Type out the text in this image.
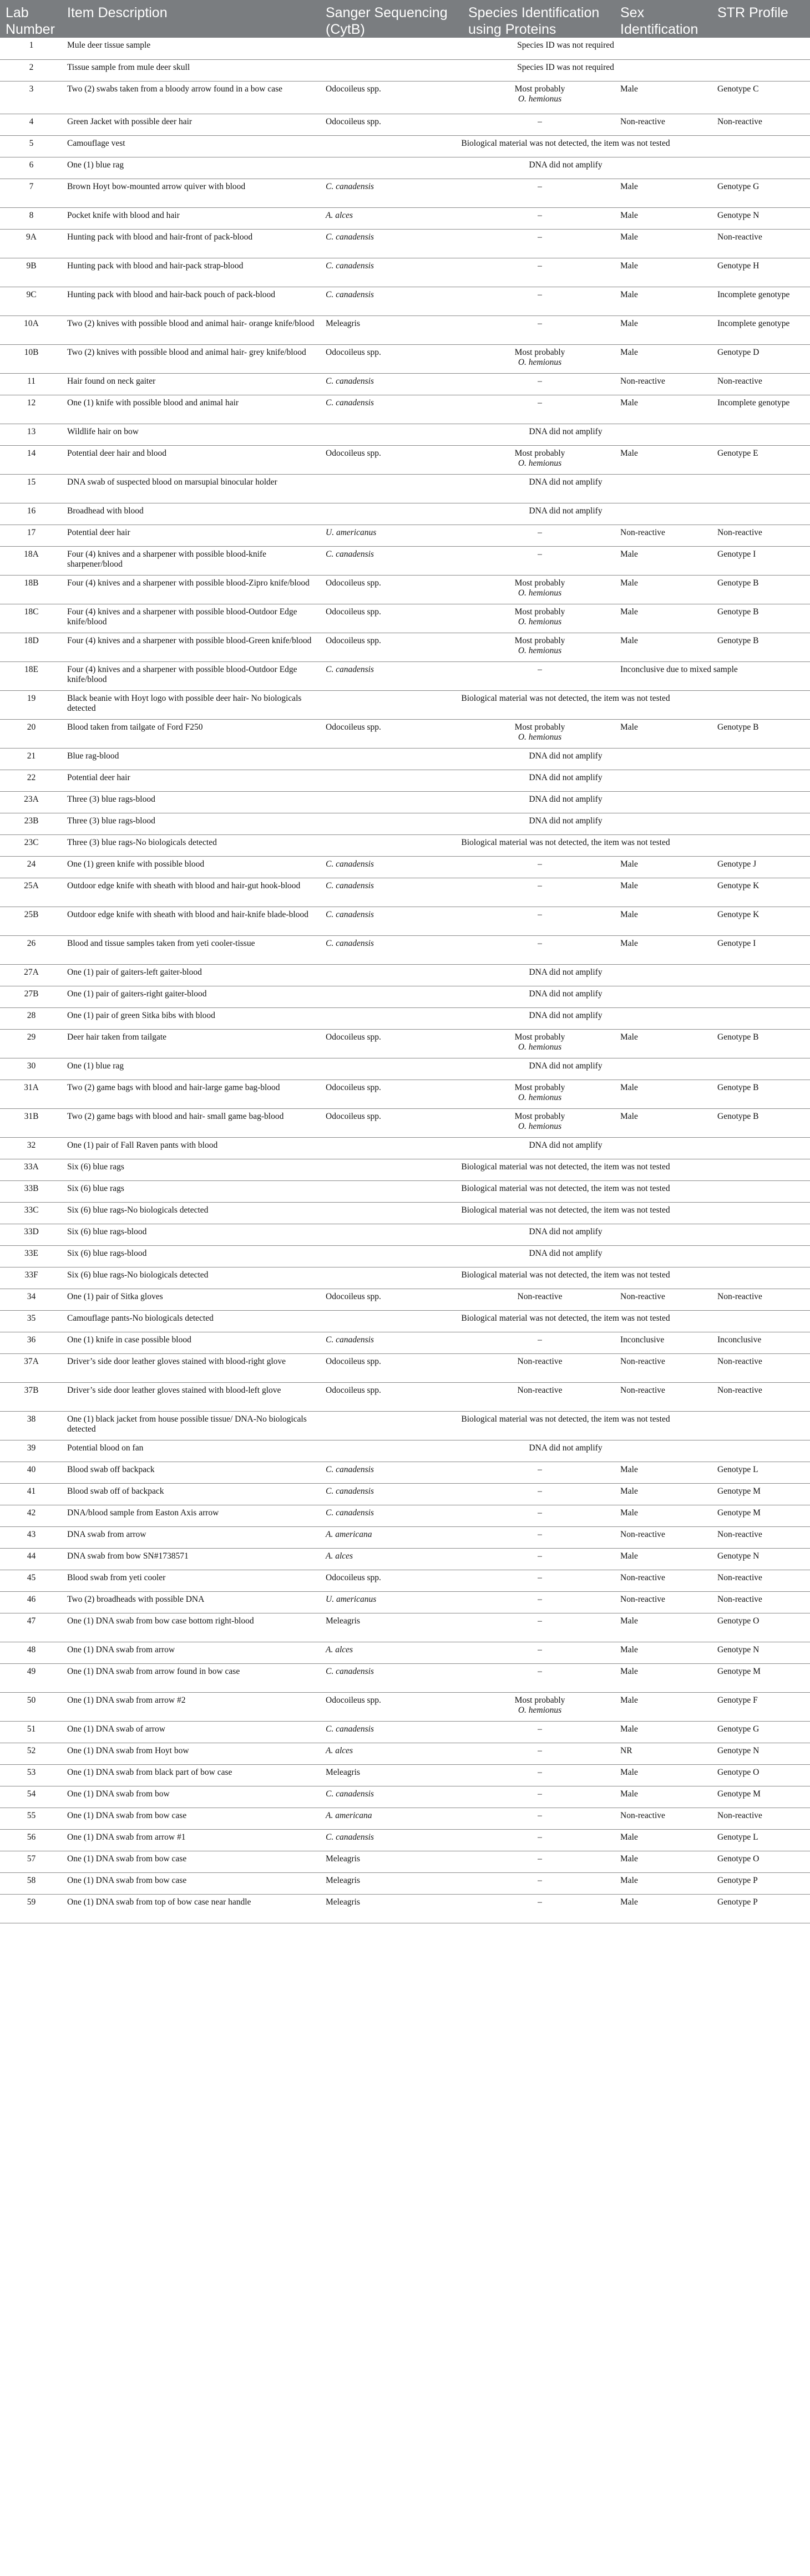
Lab Number	Item Description	Sanger Sequencing (CytB)	Species Identification using Proteins	Sex Identification	STR Profile
1	Mule deer tissue sample	Species ID was not required			
2	Tissue sample from mule deer skull	Species ID was not required			
3	Two (2) swabs taken from a bloody arrow found in a bow case	Odocoileus spp.	Most probably
O. hemionus	Male	Genotype C
4	Green Jacket with possible deer hair	Odocoileus spp.	–	Non-reactive	Non-reactive
5	Camouflage vest	Biological material was not detected, the item was not tested			
6	One (1) blue rag	DNA did not amplify			
7	Brown Hoyt bow-mounted arrow quiver with blood	C. canadensis	–	Male	Genotype G
8	Pocket knife with blood and hair	A. alces	–	Male	Genotype N
9A	Hunting pack with blood and hair-front of pack-blood	C. canadensis	–	Male	Non-reactive
9B	Hunting pack with blood and hair-pack strap-blood	C. canadensis	–	Male	Genotype H
9C	Hunting pack with blood and hair-back pouch of pack-blood	C. canadensis	–	Male	Incomplete genotype
10A	Two (2) knives with possible blood and animal hair- orange knife/blood	Meleagris	–	Male	Incomplete genotype
10B	Two (2) knives with possible blood and animal hair- grey knife/blood	Odocoileus spp.	Most probably
O. hemionus	Male	Genotype D
11	Hair found on neck gaiter	C. canadensis	–	Non-reactive	Non-reactive
12	One (1) knife with possible blood and animal hair	C. canadensis	–	Male	Incomplete genotype
13	Wildlife hair on bow	DNA did not amplify			
14	Potential deer hair and blood	Odocoileus spp.	Most probably
O. hemionus	Male	Genotype E
15	DNA swab of suspected blood on marsupial binocular holder	DNA did not amplify			
16	Broadhead with blood	DNA did not amplify			
17	Potential deer hair	U. americanus	–	Non-reactive	Non-reactive
18A	Four (4) knives and a sharpener with possible blood-knife sharpener/blood	C. canadensis	–	Male	Genotype I
18B	Four (4) knives and a sharpener with possible blood-Zipro knife/blood	Odocoileus spp.	Most probably
O. hemionus	Male	Genotype B
18C	Four (4) knives and a sharpener with possible blood-Outdoor Edge knife/blood	Odocoileus spp.	Most probably
O. hemionus	Male	Genotype B
18D	Four (4) knives and a sharpener with possible blood-Green knife/blood	Odocoileus spp.	Most probably
O. hemionus	Male	Genotype B
18E	Four (4) knives and a sharpener with possible blood-Outdoor Edge knife/blood	C. canadensis	–	Inconclusive due to mixed sample	
19	Black beanie with Hoyt logo with possible deer hair- No biologicals detected	Biological material was not detected, the item was not tested			
20	Blood taken from tailgate of Ford F250	Odocoileus spp.	Most probably
O. hemionus	Male	Genotype B
21	Blue rag-blood	DNA did not amplify			
22	Potential deer hair	DNA did not amplify			
23A	Three (3) blue rags-blood	DNA did not amplify			
23B	Three (3) blue rags-blood	DNA did not amplify			
23C	Three (3) blue rags-No biologicals detected	Biological material was not detected, the item was not tested			
24	One (1) green knife with possible blood	C. canadensis	–	Male	Genotype J
25A	Outdoor edge knife with sheath with blood and hair-gut hook-blood	C. canadensis	–	Male	Genotype K
25B	Outdoor edge knife with sheath with blood and hair-knife blade-blood	C. canadensis	–	Male	Genotype K
26	Blood and tissue samples taken from yeti cooler-tissue	C. canadensis	–	Male	Genotype I
27A	One (1) pair of gaiters-left gaiter-blood	DNA did not amplify			
27B	One (1) pair of gaiters-right gaiter-blood	DNA did not amplify			
28	One (1) pair of green Sitka bibs with blood	DNA did not amplify			
29	Deer hair taken from tailgate	Odocoileus spp.	Most probably
O. hemionus	Male	Genotype B
30	One (1) blue rag	DNA did not amplify			
31A	Two (2) game bags with blood and hair-large game bag-blood	Odocoileus spp.	Most probably
O. hemionus	Male	Genotype B
31B	Two (2) game bags with blood and hair- small game bag-blood	Odocoileus spp.	Most probably
O. hemionus	Male	Genotype B
32	One (1) pair of Fall Raven pants with blood	DNA did not amplify			
33A	Six (6) blue rags	Biological material was not detected, the item was not tested			
33B	Six (6) blue rags	Biological material was not detected, the item was not tested			
33C	Six (6) blue rags-No biologicals detected	Biological material was not detected, the item was not tested			
33D	Six (6) blue rags-blood	DNA did not amplify			
33E	Six (6) blue rags-blood	DNA did not amplify			
33F	Six (6) blue rags-No biologicals detected	Biological material was not detected, the item was not tested			
34	One (1) pair of Sitka gloves	Odocoileus spp.	Non-reactive	Non-reactive	Non-reactive
35	Camouflage pants-No biologicals detected	Biological material was not detected, the item was not tested			
36	One (1) knife in case possible blood	C. canadensis	–	Inconclusive	Inconclusive
37A	Driver’s side door leather gloves stained with blood-right glove	Odocoileus spp.	Non-reactive	Non-reactive	Non-reactive
37B	Driver’s side door leather gloves stained with blood-left glove	Odocoileus spp.	Non-reactive	Non-reactive	Non-reactive
38	One (1) black jacket from house possible tissue/ DNA-No biologicals detected	Biological material was not detected, the item was not tested			
39	Potential blood on fan	DNA did not amplify			
40	Blood swab off backpack	C. canadensis	–	Male	Genotype L
41	Blood swab off of backpack	C. canadensis	–	Male	Genotype M
42	DNA/blood sample from Easton Axis arrow	C. canadensis	–	Male	Genotype M
43	DNA swab from arrow	A. americana	–	Non-reactive	Non-reactive
44	DNA swab from bow SN#1738571	A. alces	–	Male	Genotype N
45	Blood swab from yeti cooler	Odocoileus spp.	–	Non-reactive	Non-reactive
46	Two (2) broadheads with possible DNA	U. americanus	–	Non-reactive	Non-reactive
47	One (1) DNA swab from bow case bottom right-blood	Meleagris	–	Male	Genotype O
48	One (1) DNA swab from arrow	A. alces	–	Male	Genotype N
49	One (1) DNA swab from arrow found in bow case	C. canadensis	–	Male	Genotype M
50	One (1) DNA swab from arrow #2	Odocoileus spp.	Most probably
O. hemionus	Male	Genotype F
51	One (1) DNA swab of arrow	C. canadensis	–	Male	Genotype G
52	One (1) DNA swab from Hoyt bow	A. alces	–	NR	Genotype N
53	One (1) DNA swab from black part of bow case	Meleagris	–	Male	Genotype O
54	One (1) DNA swab from bow	C. canadensis	–	Male	Genotype M
55	One (1) DNA swab from bow case	A. americana	–	Non-reactive	Non-reactive
56	One (1) DNA swab from arrow #1	C. canadensis	–	Male	Genotype L
57	One (1) DNA swab from bow case	Meleagris	–	Male	Genotype O
58	One (1) DNA swab from bow case	Meleagris	–	Male	Genotype P
59	One (1) DNA swab from top of bow case near handle	Meleagris	–	Male	Genotype P
